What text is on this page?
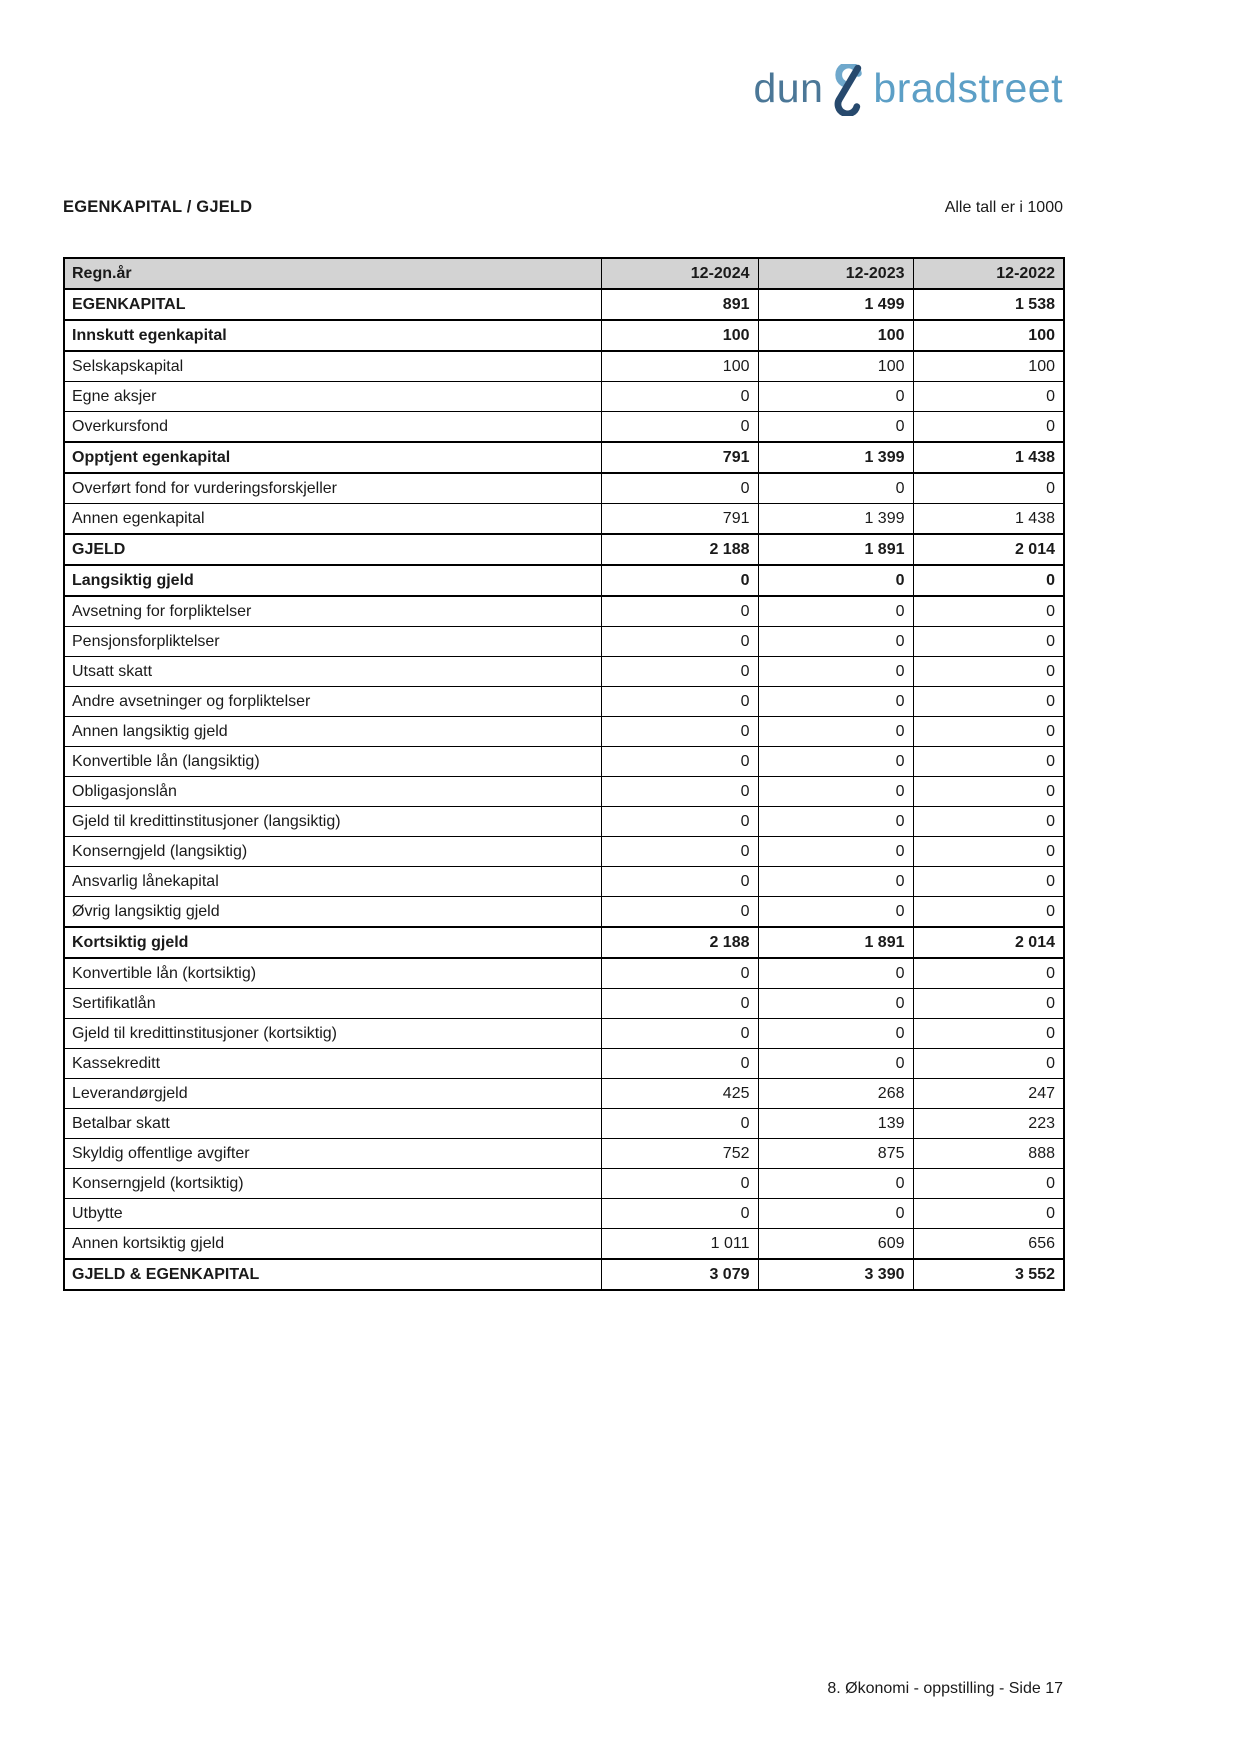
dun bradstreet
EGENKAPITAL / GJELD	Alle tall er i 1000
Regn.år	12-2024	12-2023	12-2022
EGENKAPITAL	891	1 499	1 538
Innskutt egenkapital	100	100	100
Selskapskapital	100	100	100
Egne aksjer	0	0	0
Overkursfond	0	0	0
Opptjent egenkapital	791	1 399	1 438
Overført fond for vurderingsforskjeller	0	0	0
Annen egenkapital	791	1 399	1 438
GJELD	2 188	1 891	2 014
Langsiktig gjeld	0	0	0
Avsetning for forpliktelser	0	0	0
Pensjonsforpliktelser	0	0	0
Utsatt skatt	0	0	0
Andre avsetninger og forpliktelser	0	0	0
Annen langsiktig gjeld	0	0	0
Konvertible lån (langsiktig)	0	0	0
Obligasjonslån	0	0	0
Gjeld til kredittinstitusjoner (langsiktig)	0	0	0
Konserngjeld (langsiktig)	0	0	0
Ansvarlig lånekapital	0	0	0
Øvrig langsiktig gjeld	0	0	0
Kortsiktig gjeld	2 188	1 891	2 014
Konvertible lån (kortsiktig)	0	0	0
Sertifikatlån	0	0	0
Gjeld til kredittinstitusjoner (kortsiktig)	0	0	0
Kassekreditt	0	0	0
Leverandørgjeld	425	268	247
Betalbar skatt	0	139	223
Skyldig offentlige avgifter	752	875	888
Konserngjeld (kortsiktig)	0	0	0
Utbytte	0	0	0
Annen kortsiktig gjeld	1 011	609	656
GJELD & EGENKAPITAL	3 079	3 390	3 552
8. Økonomi - oppstilling - Side 17
